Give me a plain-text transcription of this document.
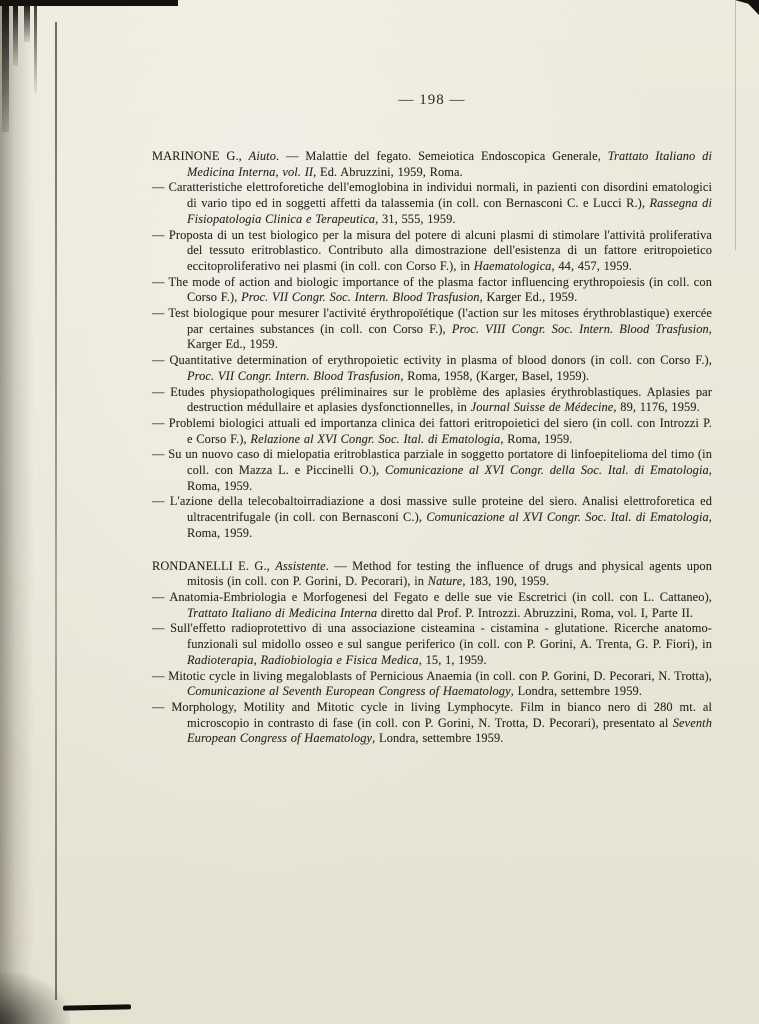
— 198 —

MARINONE G., Aiuto. — Malattie del fegato. Semeiotica Endoscopica Generale, Trattato Italiano di Medicina Interna, vol. II, Ed. Abruzzini, 1959, Roma.

— Caratteristiche elettroforetiche dell'emoglobina in individui normali, in pazienti con disordini ematologici di vario tipo ed in soggetti affetti da talassemia (in coll. con Bernasconi C. e Lucci R.), Rassegna di Fisiopatologia Clinica e Terapeutica, 31, 555, 1959.

— Proposta di un test biologico per la misura del potere di alcuni plasmi di stimolare l'attività proliferativa del tessuto eritroblastico. Contributo alla dimostrazione dell'esistenza di un fattore eritropoietico eccitoproliferativo nei plasmi (in coll. con Corso F.), in Haematologica, 44, 457, 1959.

— The mode of action and biologic importance of the plasma factor influencing erythropoiesis (in coll. con Corso F.), Proc. VII Congr. Soc. Intern. Blood Trasfusion, Karger Ed., 1959.

— Test biologique pour mesurer l'activité érythropoïétique (l'action sur les mitoses érythroblastique) exercée par certaines substances (in coll. con Corso F.), Proc. VIII Congr. Soc. Intern. Blood Trasfusion, Karger Ed., 1959.

— Quantitative determination of erythropoietic ectivity in plasma of blood donors (in coll. con Corso F.), Proc. VII Congr. Intern. Blood Trasfusion, Roma, 1958, (Karger, Basel, 1959).

— Etudes physiopathologiques préliminaires sur le problème des aplasies érythroblastiques. Aplasies par destruction médullaire et aplasies dysfonctionnelles, in Journal Suisse de Médecine, 89, 1176, 1959.

— Problemi biologici attuali ed importanza clinica dei fattori eritropoietici del siero (in coll. con Introzzi P. e Corso F.), Relazione al XVI Congr. Soc. Ital. di Ematologia, Roma, 1959.

— Su un nuovo caso di mielopatia eritroblastica parziale in soggetto portatore di linfoepitelioma del timo (in coll. con Mazza L. e Piccinelli O.), Comunicazione al XVI Congr. della Soc. Ital. di Ematologia, Roma, 1959.

— L'azione della telecobaltoirradiazione a dosi massive sulle proteine del siero. Analisi elettroforetica ed ultracentrifugale (in coll. con Bernasconi C.), Comunicazione al XVI Congr. Soc. Ital. di Ematologia, Roma, 1959.

RONDANELLI E. G., Assistente. — Method for testing the influence of drugs and physical agents upon mitosis (in coll. con P. Gorini, D. Pecorari), in Nature, 183, 190, 1959.

— Anatomia-Embriologia e Morfogenesi del Fegato e delle sue vie Escretrici (in coll. con L. Cattaneo), Trattato Italiano di Medicina Interna diretto dal Prof. P. Introzzi. Abruzzini, Roma, vol. I, Parte II.

— Sull'effetto radioprotettivo di una associazione cisteamina - cistamina - glutatione. Ricerche anatomo-funzionali sul midollo osseo e sul sangue periferico (in coll. con P. Gorini, A. Trenta, G. P. Fiori), in Radioterapia, Radiobiologia e Fisica Medica, 15, 1, 1959.

— Mitotic cycle in living megaloblasts of Pernicious Anaemia (in coll. con P. Gorini, D. Pecorari, N. Trotta), Comunicazione al Seventh European Congress of Haematology, Londra, settembre 1959.

— Morphology, Motility and Mitotic cycle in living Lymphocyte. Film in bianco nero di 280 mt. al microscopio in contrasto di fase (in coll. con P. Gorini, N. Trotta, D. Pecorari), presentato al Seventh European Congress of Haematology, Londra, settembre 1959.
